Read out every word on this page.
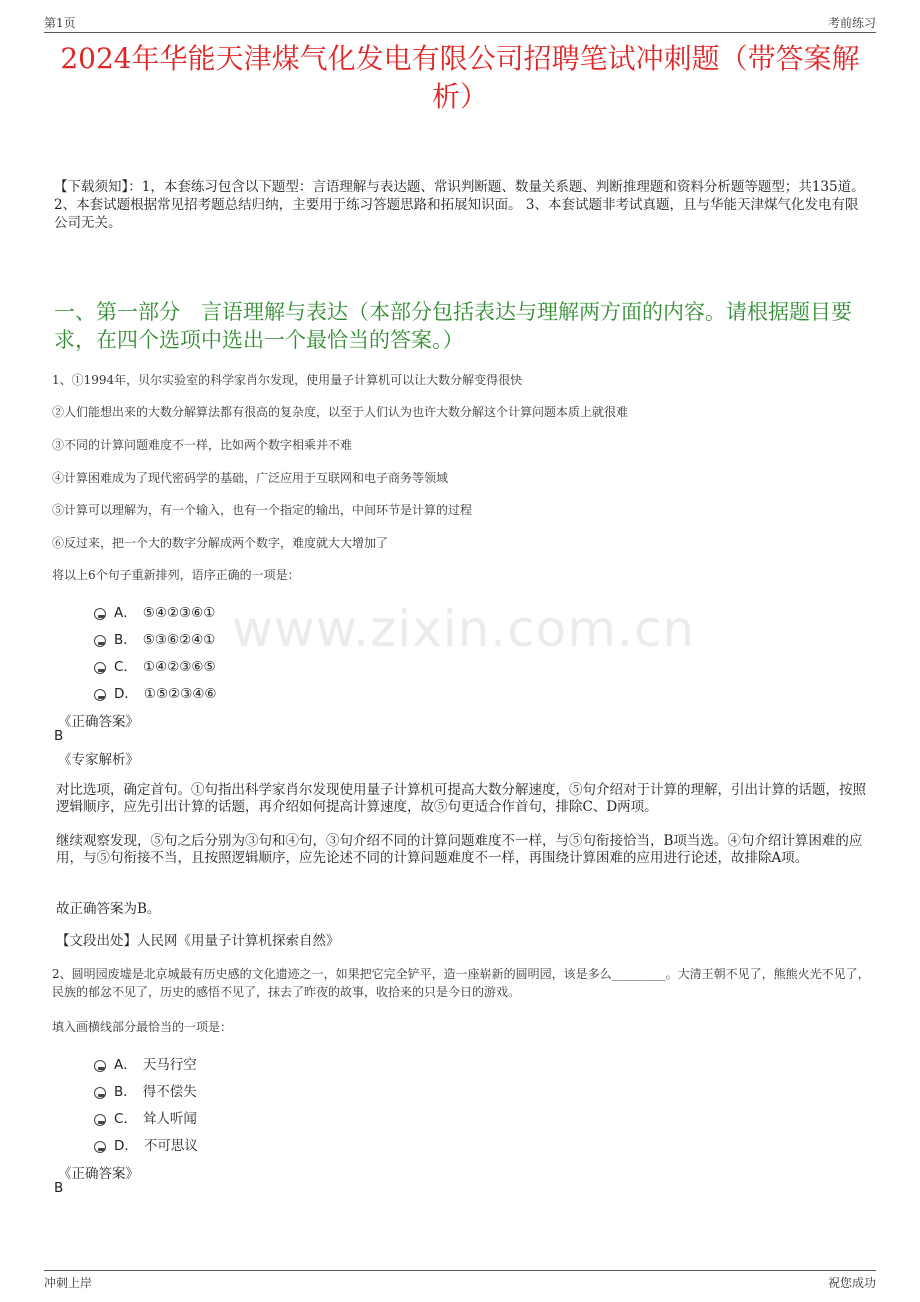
第1页	考前练习
2024年华能天津煤气化发电有限公司招聘笔试冲刺题（带答案解析）
【下载须知】：1，本套练习包含以下题型：言语理解与表达题、常识判断题、数量关系题、判断推理题和资料分析题等题型；共135道。 2、本套试题根据常见招考题总结归纳，主要用于练习答题思路和拓展知识面。 3、本套试题非考试真题，且与华能天津煤气化发电有限公司无关。
一、第一部分　言语理解与表达（本部分包括表达与理解两方面的内容。请根据题目要求，在四个选项中选出一个最恰当的答案。）
www.zixin.com.cn
1、①1994年，贝尔实验室的科学家肖尔发现，使用量子计算机可以让大数分解变得很快
②人们能想出来的大数分解算法都有很高的复杂度，以至于人们认为也许大数分解这个计算问题本质上就很难
③不同的计算问题难度不一样，比如两个数字相乘并不难
④计算困难成为了现代密码学的基础，广泛应用于互联网和电子商务等领域
⑤计算可以理解为，有一个输入，也有一个指定的输出，中间环节是计算的过程
⑥反过来，把一个大的数字分解成两个数字，难度就大大增加了
将以上6个句子重新排列，语序正确的一项是：
A． ⑤④②③⑥①
B． ⑤③⑥②④①
C． ①④②③⑥⑤
D． ①⑤②③④⑥
《正确答案》
B
《专家解析》
对比选项，确定首句。①句指出科学家肖尔发现使用量子计算机可提高大数分解速度，⑤句介绍对于计算的理解，引出计算的话题，按照逻辑顺序，应先引出计算的话题，再介绍如何提高计算速度，故⑤句更适合作首句，排除C、D两项。
继续观察发现，⑤句之后分别为③句和④句，③句介绍不同的计算问题难度不一样，与⑤句衔接恰当，B项当选。④句介绍计算困难的应用，与⑤句衔接不当，且按照逻辑顺序，应先论述不同的计算问题难度不一样，再围绕计算困难的应用进行论述，故排除A项。
故正确答案为B。
【文段出处】人民网《用量子计算机探索自然》
2、圆明园废墟是北京城最有历史感的文化遗迹之一，如果把它完全铲平，造一座崭新的圆明园，该是多么_________。大清王朝不见了，熊熊火光不见了，民族的郁忿不见了，历史的感悟不见了，抹去了昨夜的故事，收拾来的只是今日的游戏。
填入画横线部分最恰当的一项是：
A． 天马行空
B． 得不偿失
C． 耸人听闻
D． 不可思议
《正确答案》
B
冲刺上岸	祝您成功
